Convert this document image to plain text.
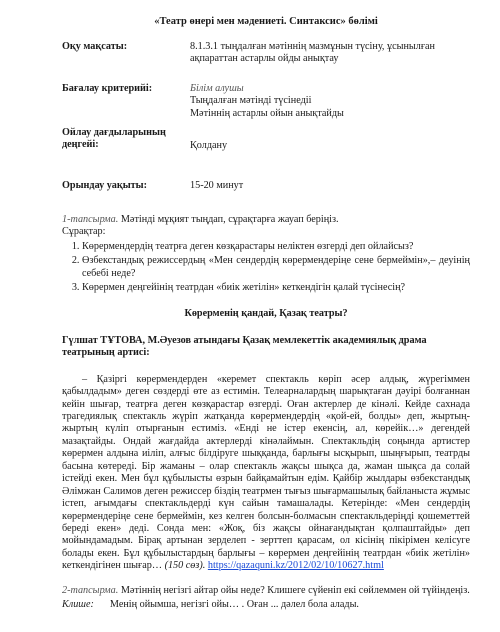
«Театр өнері мен мәдениеті. Синтаксис» бөлімі
Оқу мақсаты:	8.1.3.1 тыңдалған мәтіннің мазмұнын түсіну, ұсынылған ақпараттан астарлы ойды анықтау
Бағалау критерийі:	Білім алушы
Тыңдалған мәтінді түсінедіі
Мәтіннің астарлы ойын анықтайды

Ойлау дағдыларының деңгейі:	Қолдану
Орындау уақыты:	15-20 минут
1-тапсырма. Мәтінді мұқият тыңдап, сұрақтарға жауап беріңіз.
Сұрақтар:
1. Көрермендердің театрға деген көзқарастары неліктен өзгерді деп ойлайсыз?
2. Өзбекстандық режиссердың «Мен сендердің көрермендеріңе сене бермеймін»,– деуінің себебі неде?
3. Көрермен деңгейінің театрдан «биік жетілін» кеткендігін қалай түсінесің?
Көрерменің қандай, Қазақ театры?
Гүлшат ТҰТОВА, М.Әуезов атындағы Қазақ мемлекеттік академиялық драма театрының артисі:

– Қазіргі көрермендерден «керемет спектакль көріп әсер алдық, жүрегіммен қабылдадым» деген сөздерді өте аз естимін. Телеарналардың шарықтаған дәуірі болғаннан кейін шығар, театрға деген көзқарастар өзгерді. Оған актерлер де кінәлі. Кейде сахнада трагедиялық спектакль жүріп жатқанда көрермендердің «қой-ей, болды» деп, жыртың-жыртың күліп отырғанын естиміз. «Енді не істер екенсің, ал, көрейік…» дегендей мазақтайды. Ондай жағдайда актерлерді кінәлаймын. Спектакльдің соңында артистер көрермен алдына иіліп, алғыс білдіруге шыққанда, барлығы ысқырып, шыңғырып, театрды басына көтереді. Бір жаманы – олар спектакль жақсы шықса да, жаман шықса да солай істейді екен. Мен бұл құбылысты өзрын байқамайтын едім. Қайбір жылдары өзбекстандық Әлімжан Салимов деген режиссер біздің театрмен тығыз шығармашылық байланыста жұмыс істеп, ағымдағы спектакльдерді күн сайын тамашалады. Кетерінде: «Мен сендердің көрермендеріңе сене бермеймін, кез келген болсын-болмасын спектакльдеріңді қошеметтей береді екен» деді. Сонда мен: «Жоқ, біз жақсы ойнағандықтан қолпаштайды» деп мойындамадым. Бірақ артынан зерделеп - зерттеп қарасам, ол кісінің пікірімен келісуге болады екен. Бұл құбылыстардың барлығы – көрермен деңгейінің театрдан «биік жетілін» кеткендігінен шығар… (150 сөз). https://qazaquni.kz/2012/02/10/10627.html

2-тапсырма. Мәтіннің негізгі айтар ойы неде? Клишеге сүйеніп екі сөйлеммен ой түйіндеңіз.
Клише: Менің ойымша, негізгі ойы… . Оған ... дәлел бола алады.
